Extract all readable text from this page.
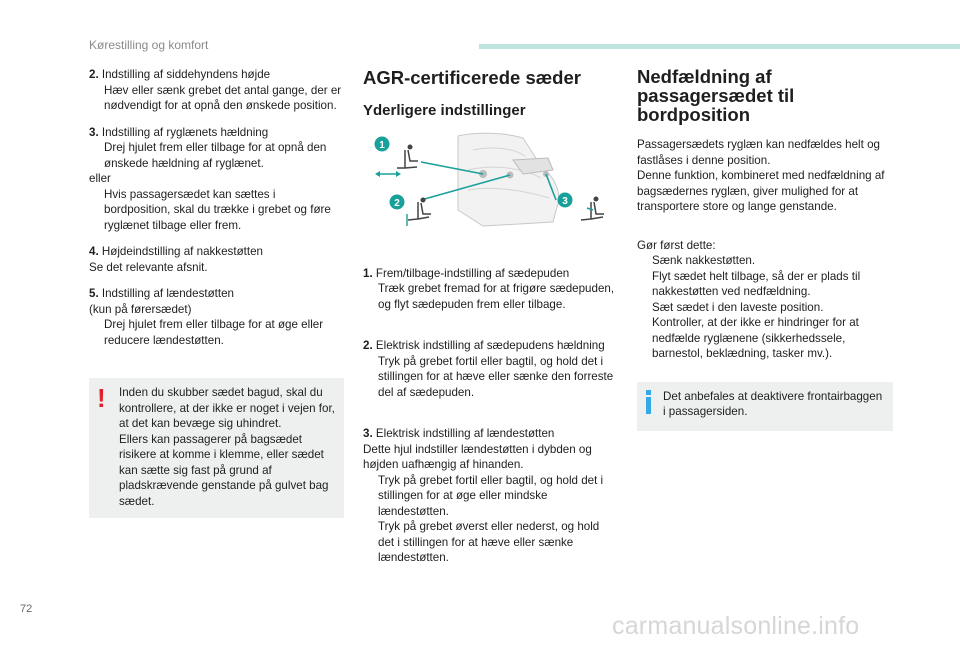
Kørestilling og komfort

2. Indstilling af siddehyndens højde

Hæv eller sænk grebet det antal gange, der er nødvendigt for at opnå den ønskede position.

3. Indstilling af ryglænets hældning

Drej hjulet frem eller tilbage for at opnå den ønskede hældning af ryglænet.

eller

Hvis passagersædet kan sættes i bordposition, skal du trække i grebet og føre ryglænet tilbage eller frem.

4. Højdeindstilling af nakkestøtten

Se det relevante afsnit.

5. Indstilling af lændestøtten

(kun på førersædet)

Drej hjulet frem eller tilbage for at øge eller reducere lændestøtten.
! Inden du skubber sædet bagud, skal du kontrollere, at der ikke er noget i vejen for, at det kan bevæge sig uhindret.

Ellers kan passagerer på bagsædet risikere at komme i klemme, eller sædet kan sætte sig fast på grund af pladskrævende genstande på gulvet bag sædet.

AGR-certificerede sæder
Yderligere indstillinger
1
2	3

1. Frem/tilbage-indstilling af sædepuden

Træk grebet fremad for at frigøre sædepuden, og flyt sædepuden frem eller tilbage.

2. Elektrisk indstilling af sædepudens hældning

Tryk på grebet fortil eller bagtil, og hold det i stillingen for at hæve eller sænke den forreste del af sædepuden.

3. Elektrisk indstilling af lændestøtten

Dette hjul indstiller lændestøtten i dybden og højden uafhængig af hinanden.

Tryk på grebet fortil eller bagtil, og hold det i stillingen for at øge eller mindske lændestøtten.
Tryk på grebet øverst eller nederst, og hold det i stillingen for at hæve eller sænke lændestøtten.
Nedfældning af
passagersædet til
bordposition

Passagersædets ryglæn kan nedfældes helt og fastlåses i denne position.

Denne funktion, kombineret med nedfældning af bagsædernes ryglæn, giver mulighed for at transportere store og lange genstande.

Gør først dette:

Sænk nakkestøtten.
Flyt sædet helt tilbage, så der er plads til nakkestøtten ved nedfældning.
Sæt sædet i den laveste position.
Kontroller, at der ikke er hindringer for at nedfælde ryglænene (sikkerhedssele, barnestol, beklædning, tasker mv.).

Det anbefales at deaktivere frontairbaggen i passagersiden.

72
carmanualsonline.info
